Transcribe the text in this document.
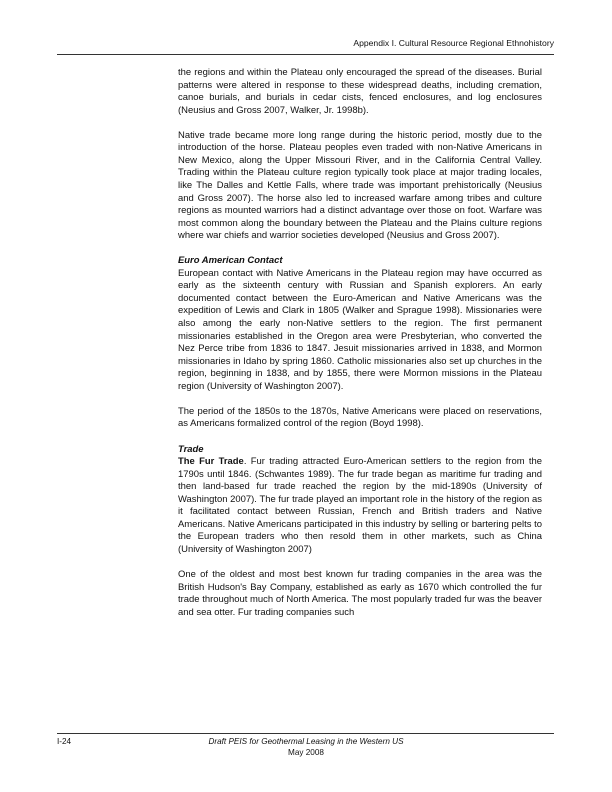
Appendix I. Cultural Resource Regional Ethnohistory

the regions and within the Plateau only encouraged the spread of the diseases. Burial patterns were altered in response to these widespread deaths, including cremation, canoe burials, and burials in cedar cists, fenced enclosures, and log enclosures (Neusius and Gross 2007, Walker, Jr. 1998b).

Native trade became more long range during the historic period, mostly due to the introduction of the horse. Plateau peoples even traded with non-Native Americans in New Mexico, along the Upper Missouri River, and in the California Central Valley. Trading within the Plateau culture region typically took place at major trading locales, like The Dalles and Kettle Falls, where trade was important prehistorically (Neusius and Gross 2007). The horse also led to increased warfare among tribes and culture regions as mounted warriors had a distinct advantage over those on foot. Warfare was most common along the boundary between the Plateau and the Plains culture regions where war chiefs and warrior societies developed (Neusius and Gross 2007).

Euro American Contact

European contact with Native Americans in the Plateau region may have occurred as early as the sixteenth century with Russian and Spanish explorers. An early documented contact between the Euro-American and Native Americans was the expedition of Lewis and Clark in 1805 (Walker and Sprague 1998). Missionaries were also among the early non-Native settlers to the region. The first permanent missionaries established in the Oregon area were Presbyterian, who converted the Nez Perce tribe from 1836 to 1847. Jesuit missionaries arrived in 1838, and Mormon missionaries in Idaho by spring 1860. Catholic missionaries also set up churches in the region, beginning in 1838, and by 1855, there were Mormon missions in the Plateau region (University of Washington 2007).

The period of the 1850s to the 1870s, Native Americans were placed on reservations, as Americans formalized control of the region (Boyd 1998).

Trade

The Fur Trade. Fur trading attracted Euro-American settlers to the region from the 1790s until 1846. (Schwantes 1989). The fur trade began as maritime fur trading and then land-based fur trade reached the region by the mid-1890s (University of Washington 2007). The fur trade played an important role in the history of the region as it facilitated contact between Russian, French and British traders and Native Americans. Native Americans participated in this industry by selling or bartering pelts to the European traders who then resold them in other markets, such as China (University of Washington 2007)

One of the oldest and most best known fur trading companies in the area was the British Hudson's Bay Company, established as early as 1670 which controlled the fur trade throughout much of North America. The most popularly traded fur was the beaver and sea otter. Fur trading companies such

I-24	Draft PEIS for Geothermal Leasing in the Western US
May 2008
